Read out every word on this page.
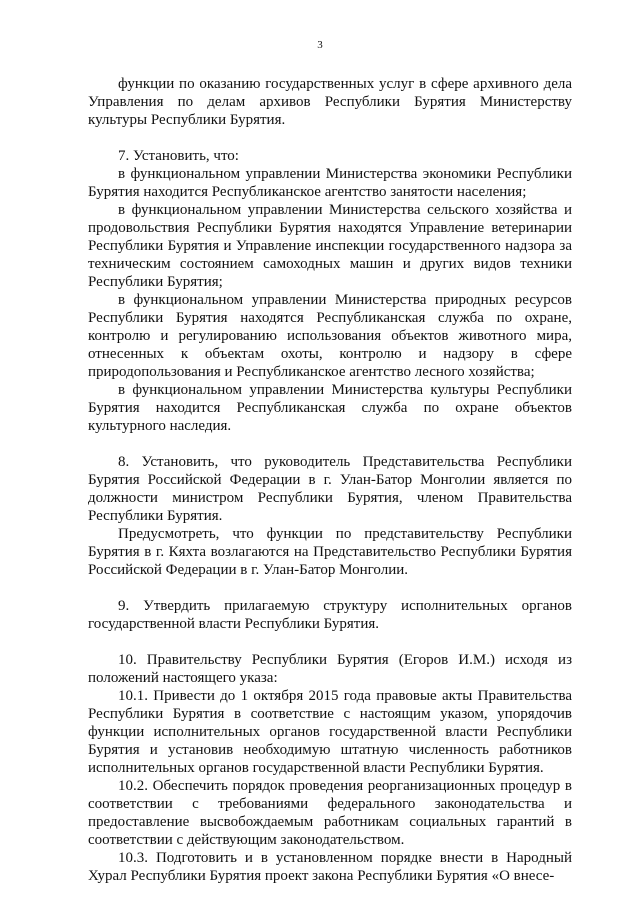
3

функции по оказанию государственных услуг в сфере архивного дела Управления по делам архивов Республики Бурятия Министерству культуры Республики Бурятия.

7. Установить, что:

в функциональном управлении Министерства экономики Республики Бурятия находится Республиканское агентство занятости населения;

в функциональном управлении Министерства сельского хозяйства и продовольствия Республики Бурятия находятся Управление ветеринарии Республики Бурятия и Управление инспекции государственного надзора за техническим состоянием самоходных машин и других видов техники Республики Бурятия;

в функциональном управлении Министерства природных ресурсов Республики Бурятия находятся Республиканская служба по охране, контролю и регулированию использования объектов животного мира, отнесенных к объектам охоты, контролю и надзору в сфере природопользования и Республиканское агентство лесного хозяйства;

в функциональном управлении Министерства культуры Республики Бурятия находится Республиканская служба по охране объектов культурного наследия.

8. Установить, что руководитель Представительства Республики Бурятия Российской Федерации в г. Улан-Батор Монголии является по должности министром Республики Бурятия, членом Правительства Республики Бурятия.

Предусмотреть, что функции по представительству Республики Бурятия в г. Кяхта возлагаются на Представительство Республики Бурятия Российской Федерации в г. Улан-Батор Монголии.

9. Утвердить прилагаемую структуру исполнительных органов государственной власти Республики Бурятия.

10. Правительству Республики Бурятия (Егоров И.М.) исходя из положений настоящего указа:

10.1. Привести до 1 октября 2015 года правовые акты Правительства Республики Бурятия в соответствие с настоящим указом, упорядочив функции исполнительных органов государственной власти Республики Бурятия и установив необходимую штатную численность работников исполнительных органов государственной власти Республики Бурятия.

10.2. Обеспечить порядок проведения реорганизационных процедур в соответствии с требованиями федерального законодательства и предоставление высвобождаемым работникам социальных гарантий в соответствии с действующим законодательством.

10.3. Подготовить и в установленном порядке внести в Народный Хурал Республики Бурятия проект закона Республики Бурятия «О внесе-
